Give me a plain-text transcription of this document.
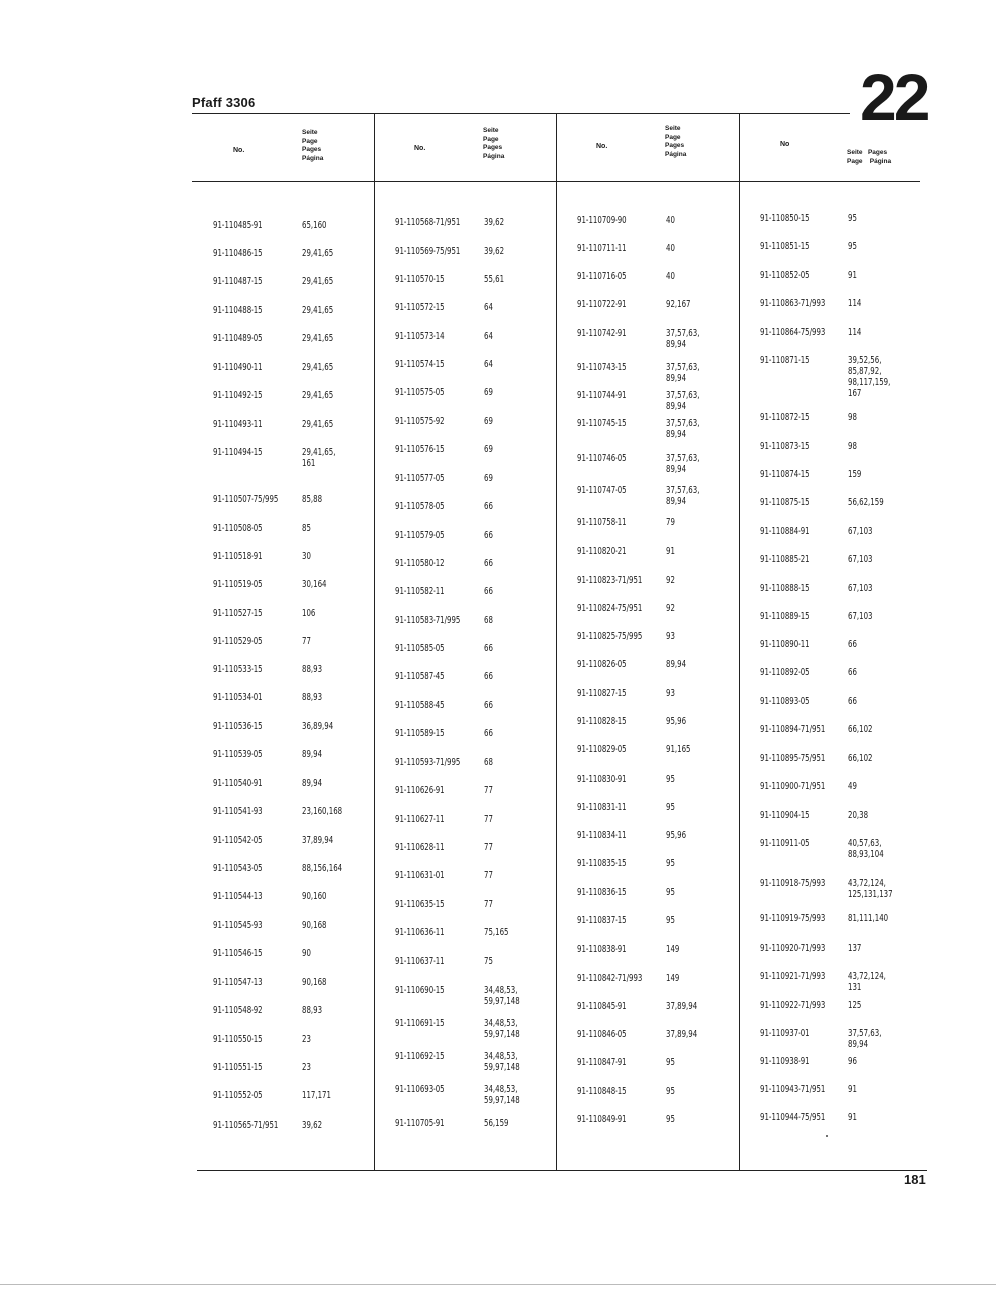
Pfaff 3306	22
No.
Seite
Page
Pages
Página
No.
Seite
Page
Pages
Página
No.
Seite
Page
Pages
Página
No
Seite   Pages
Page    Página
91-110485-91	65,160
91-110486-15	29,41,65
91-110487-15	29,41,65
91-110488-15	29,41,65
91-110489-05	29,41,65
91-110490-11	29,41,65
91-110492-15	29,41,65
91-110493-11	29,41,65
91-110494-15	29,41,65,
161
91-110507-75/995 85,88
91-110508-05	85
91-110518-91	30
91-110519-05	30,164
91-110527-15	106
91-110529-05	77
91-110533-15	88,93
91-110534-01	88,93
91-110536-15	36,89,94
91-110539-05	89,94
91-110540-91	89,94
91-110541-93	23,160,168
91-110542-05	37,89,94
91-110543-05	88,156,164
91-110544-13	90,160
91-110545-93	90,168
91-110546-15	90
91-110547-13	90,168
91-110548-92	88,93
91-110550-15	23
91-110551-15	23
91-110552-05	117,171
91-110565-71/951 39,62
91-110568-71/951 39,62
91-110569-75/951 39,62
91-110570-15	55,61
91-110572-15	64
91-110573-14	64
91-110574-15	64
91-110575-05	69
91-110575-92	69
91-110576-15	69
91-110577-05	69
91-110578-05	66
91-110579-05	66
91-110580-12	66
91-110582-11	66
91-110583-71/995 68
91-110585-05	66
91-110587-45	66
91-110588-45	66
91-110589-15	66
91-110593-71/995 68
91-110626-91	77
91-110627-11	77
91-110628-11	77
91-110631-01	77
91-110635-15	77
91-110636-11	75,165
91-110637-11	75
91-110690-15	34,48,53,
59,97,148
91-110691-15	34,48,53,
59,97,148
91-110692-15	34,48,53,
59,97,148
91-110693-05	34,48,53,
59,97,148
91-110705-91	56,159
91-110709-90	40
91-110711-11	40
91-110716-05	40
91-110722-91	92,167
91-110742-91	37,57,63,
89,94
91-110743-15	37,57,63,
89,94
91-110744-91	37,57,63,
89,94
91-110745-15	37,57,63,
89,94
91-110746-05	37,57,63,
89,94
91-110747-05	37,57,63,
89,94
91-110758-11	79
91-110820-21	91
91-110823-71/951 92
91-110824-75/951 92
91-110825-75/995 93
91-110826-05	89,94
91-110827-15	93
91-110828-15	95,96
91-110829-05	91,165
91-110830-91	95
91-110831-11	95
91-110834-11	95,96
91-110835-15	95
91-110836-15	95
91-110837-15	95
91-110838-91	149
91-110842-71/993 149
91-110845-91	37,89,94
91-110846-05	37,89,94
91-110847-91	95
91-110848-15	95
91-110849-91	95
91-110850-15	95
91-110851-15	95
91-110852-05	91
91-110863-71/993 114
91-110864-75/993 114
91-110871-15	39,52,56,
85,87,92,
98,117,159,
167
91-110872-15	98
91-110873-15	98
91-110874-15	159
91-110875-15	56,62,159
91-110884-91	67,103
91-110885-21	67,103
91-110888-15	67,103
91-110889-15	67,103
91-110890-11	66
91-110892-05	66
91-110893-05	66
91-110894-71/951 66,102
91-110895-75/951 66,102
91-110900-71/951 49
91-110904-15	20,38
91-110911-05	40,57,63,
88,93,104
91-110918-75/993 43,72,124,
125,131,137
91-110919-75/993 81,111,140
91-110920-71/993 137
91-110921-71/993 43,72,124,
131
91-110922-71/993 125
91-110937-01	37,57,63,
89,94
91-110938-91	96
91-110943-71/951 91
91-110944-75/951 91
181
